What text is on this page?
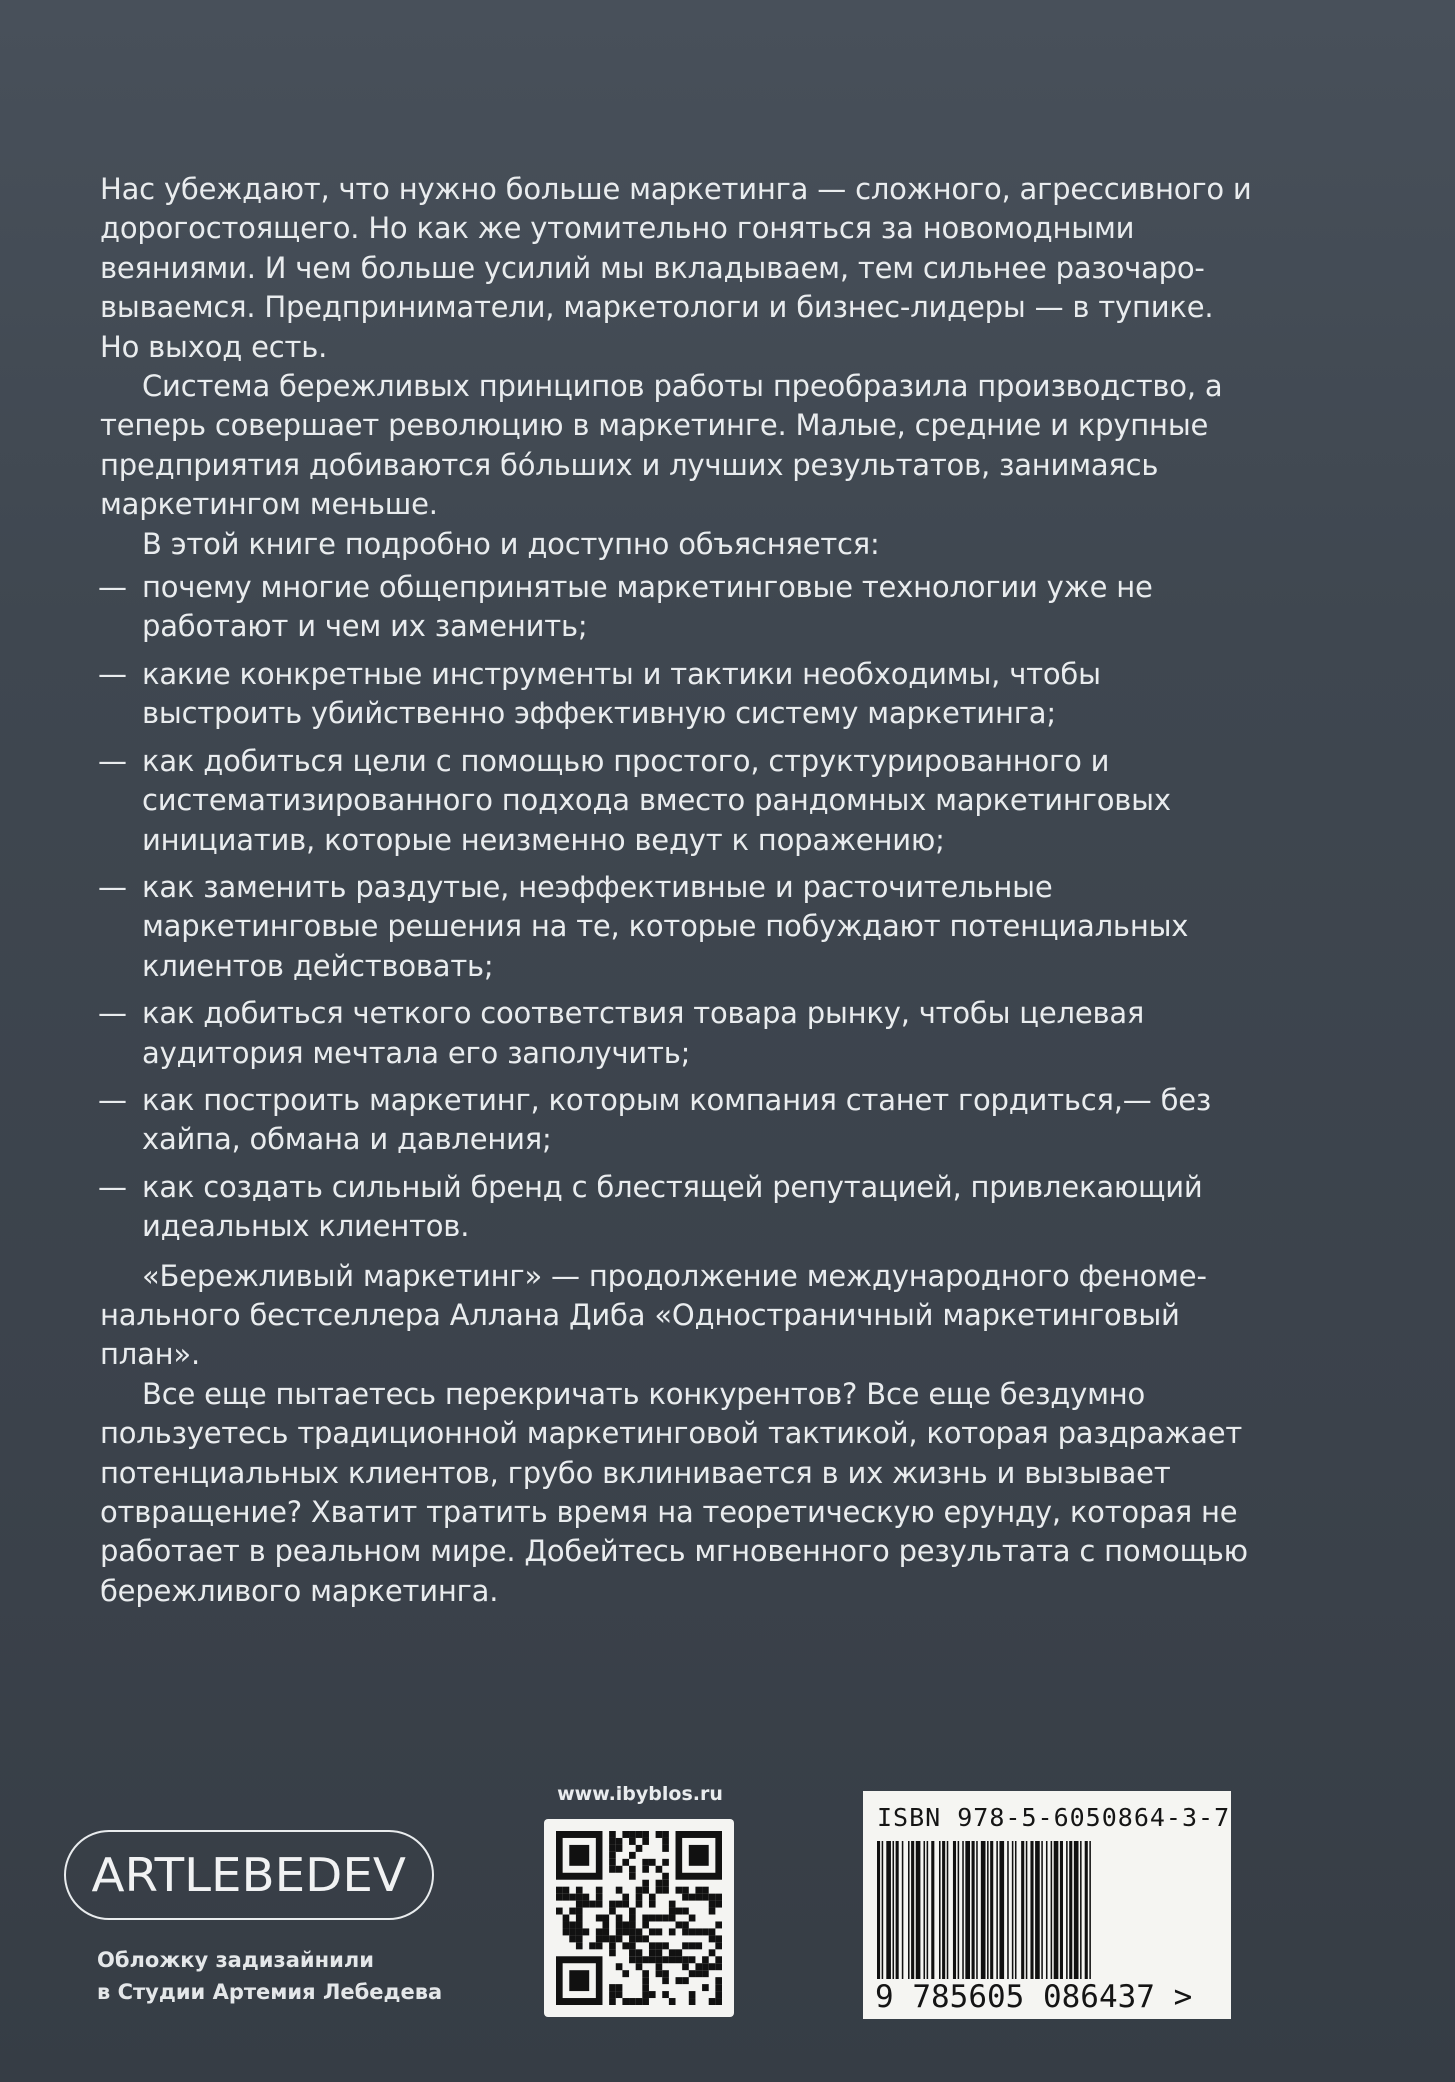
Нас убеждают, что нужно больше маркетинга — сложного, агрессивного и дорогостоящего. Но как же утомительно гоняться за новомодными веяниями. И чем больше усилий мы вкладываем, тем сильнее разочаровываемся. Предприниматели, маркетологи и бизнес-лидеры — в тупике. Но выход есть.

Система бережливых принципов работы преобразила производство, а теперь совершает революцию в маркетинге. Малые, средние и крупные предприятия добиваются бо́льших и лучших результатов, занимаясь маркетингом меньше.

В этой книге подробно и доступно объясняется:

— почему многие общепринятые маркетинговые технологии уже не работают и чем их заменить;
— какие конкретные инструменты и тактики необходимы, чтобы выстроить убийственно эффективную систему маркетинга;
— как добиться цели с помощью простого, структурированного и систематизированного подхода вместо рандомных маркетинговых инициатив, которые неизменно ведут к поражению;
— как заменить раздутые, неэффективные и расточительные маркетинговые решения на те, которые побуждают потенциальных клиентов действовать;
— как добиться четкого соответствия товара рынку, чтобы целевая аудитория мечтала его заполучить;
— как построить маркетинг, которым компания станет гордиться,— без хайпа, обмана и давления;
— как создать сильный бренд с блестящей репутацией, привлекающий идеальных клиентов.

«Бережливый маркетинг» — продолжение международного феноменального бестселлера Аллана Диба «Одностраничный маркетинговый план».

Все еще пытаетесь перекричать конкурентов? Все еще бездумно пользуетесь традиционной маркетинговой тактикой, которая раздражает потенциальных клиентов, грубо вклинивается в их жизнь и вызывает отвращение? Хватит тратить время на теоретическую ерунду, которая не работает в реальном мире. Добейтесь мгновенного результата с помощью бережливого маркетинга.

ARTLEBEDEV
Обложку задизайнили
в Студии Артемия Лебедева
www.ibyblos.ru
ISBN 978-5-6050864-3-7
9 785605 086437 >
